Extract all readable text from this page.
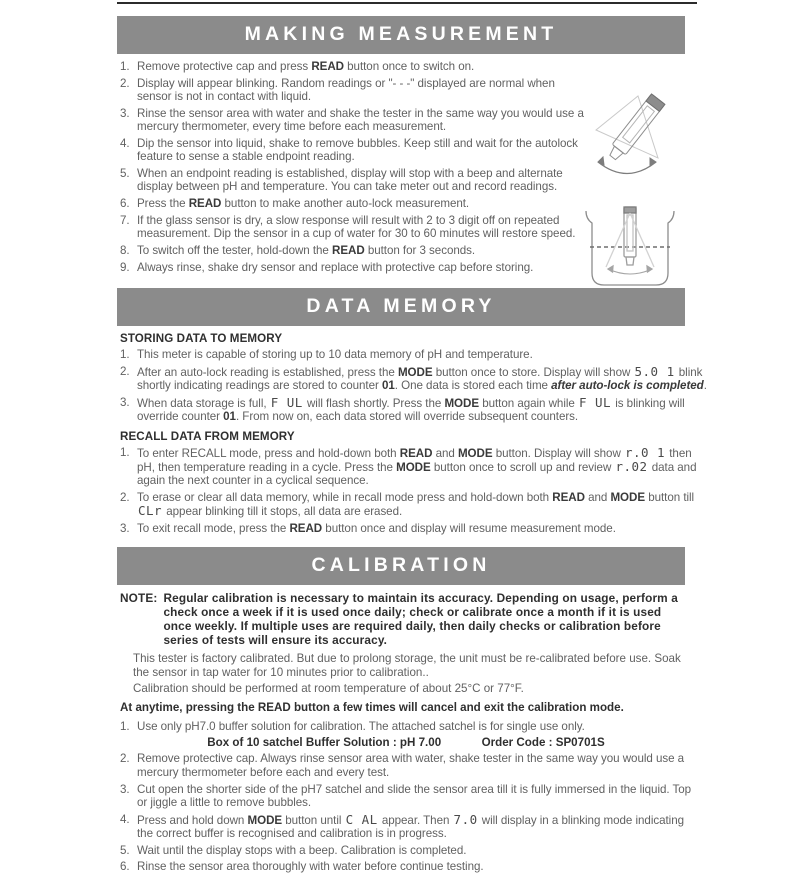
MAKING MEASUREMENT
1. Remove protective cap and press READ button once to switch on.
2. Display will appear blinking. Random readings or "- - -" displayed are normal when sensor is not in contact with liquid.
3. Rinse the sensor area with water and shake the tester in the same way you would use a mercury thermometer, every time before each measurement.
4. Dip the sensor into liquid, shake to remove bubbles. Keep still and wait for the autolock feature to sense a stable endpoint reading.
5. When an endpoint reading is established, display will stop with a beep and alternate display between pH and temperature. You can take meter out and record readings.
6. Press the READ button to make another auto-lock measurement.
7. If the glass sensor is dry, a slow response will result with 2 to 3 digit off on repeated measurement. Dip the sensor in a cup of water for 30 to 60 minutes will restore speed.
8. To switch off the tester, hold-down the READ button for 3 seconds.
9. Always rinse, shake dry sensor and replace with protective cap before storing.
DATA MEMORY
STORING DATA TO MEMORY
1. This meter is capable of storing up to 10 data memory of pH and temperature.
2. After an auto-lock reading is established, press the MODE button once to store. Display will show 5.0 1 blink shortly indicating readings are stored to counter 01. One data is stored each time after auto-lock is completed.
3. When data storage is full, F UL will flash shortly. Press the MODE button again while F UL is blinking will override counter 01. From now on, each data stored will override subsequent counters.
RECALL DATA FROM MEMORY
1. To enter RECALL mode, press and hold-down both READ and MODE button. Display will show r.0 1 then pH, then temperature reading in a cycle. Press the MODE button once to scroll up and review r.02 data and again the next counter in a cyclical sequence.
2. To erase or clear all data memory, while in recall mode press and hold-down both READ and MODE button till CLr appear blinking till it stops, all data are erased.
3. To exit recall mode, press the READ button once and display will resume measurement mode.
CALIBRATION
NOTE: Regular calibration is necessary to maintain its accuracy. Depending on usage, perform a check once a week if it is used once daily; check or calibrate once a month if it is used once weekly. If multiple uses are required daily, then daily checks or calibration before series of tests will ensure its accuracy.
This tester is factory calibrated. But due to prolong storage, the unit must be re-calibrated before use. Soak the sensor in tap water for 10 minutes prior to calibration..
Calibration should be performed at room temperature of about 25°C or 77°F.
At anytime, pressing the READ button a few times will cancel and exit the calibration mode.
1. Use only pH7.0 buffer solution for calibration. The attached satchel is for single use only.
Box of 10 satchel Buffer Solution : pH 7.00	Order Code : SP0701S
2. Remove protective cap. Always rinse sensor area with water, shake tester in the same way you would use a mercury thermometer before each and every test.
3. Cut open the shorter side of the pH7 satchel and slide the sensor area till it is fully immersed in the liquid. Top or jiggle a little to remove bubbles.
4. Press and hold down MODE button until C AL appear. Then 7.0 will display in a blinking mode indicating the correct buffer is recognised and calibration is in progress.
5. Wait until the display stops with a beep. Calibration is completed.
6. Rinse the sensor area thoroughly with water before continue testing.
